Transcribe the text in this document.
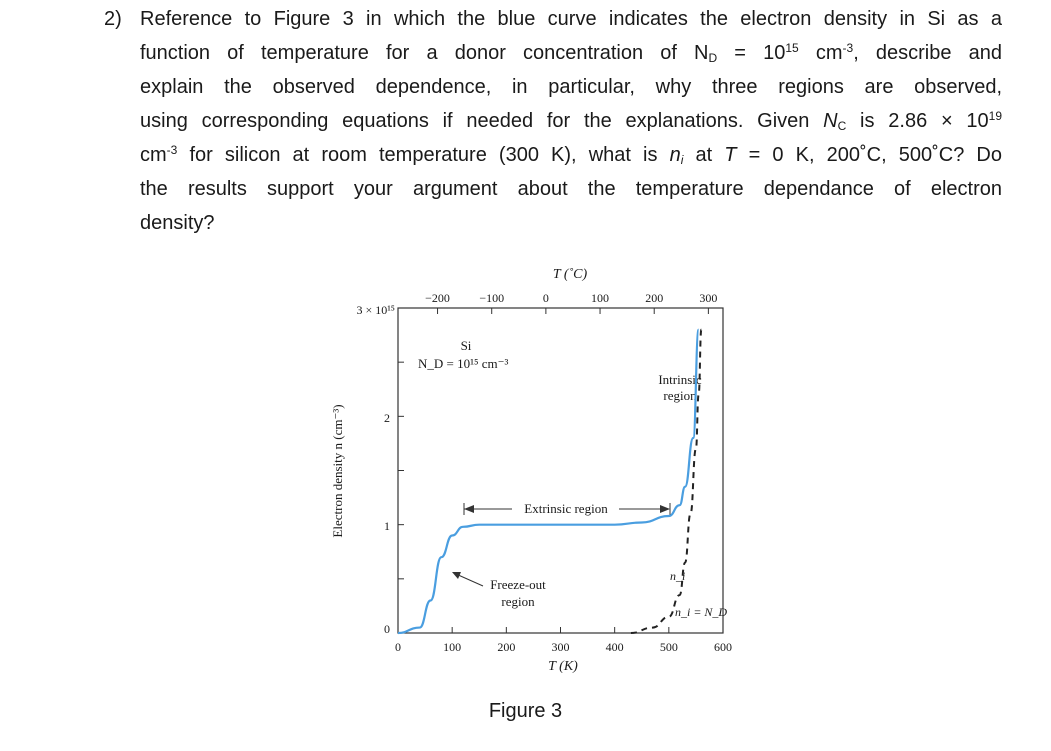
2) Reference to Figure 3 in which the blue curve indicates the electron density in Si as a
function of temperature for a donor concentration of $N_D = 10^{15}$ $cm^{-3}$, describe and
explain the observed dependence, in particular, why three regions are observed,
using corresponding equations if needed for the explanations. Given $N_C$ is $2.86 \times 10^{19}$
$cm^{-3}$ for silicon at room temperature (300 K), what is $n_i$ at T = 0 K, 200˚C, 500˚C? Do
the results support your argument about the temperature dependance of electron
density?
T (˚C)
T (K)
Electron density n (cm⁻³)
3 × 10¹⁵
2
1
0
Si
N_D = 10¹⁵ cm⁻³
Intrinsic
region
Extrinsic region
Freeze-out
region
n_i
n_i = N_D
0	100	200	300	400	500	600
−200 −100	0	100	200	300
Figure 3
